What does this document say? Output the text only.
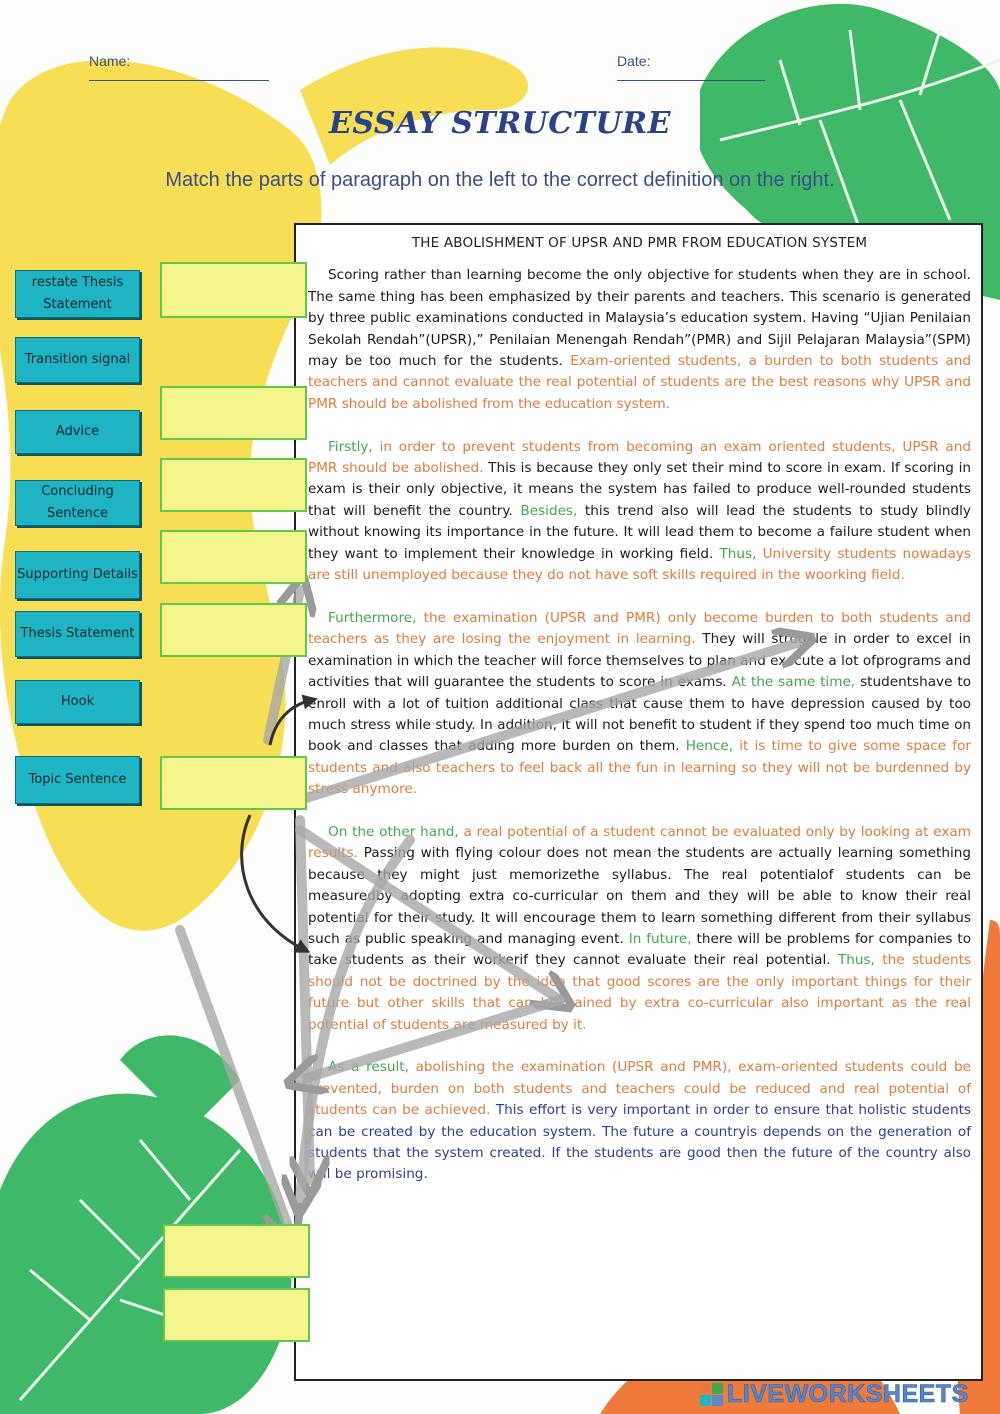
Name:	Date:
ESSAY STRUCTURE
Match the parts of paragraph on the left to the correct definition on the right.
restate Thesis Statement
Transition signal
Advice
Concluding Sentence
Supporting Details
Thesis Statement
Hook
Topic Sentence
THE ABOLISHMENT OF UPSR AND PMR FROM EDUCATION SYSTEM

Scoring rather than learning become the only objective for students when they are in school. The same thing has been emphasized by their parents and teachers. This scenario is generated by three public examinations conducted in Malaysia’s education system. Having “Ujian Penilaian Sekolah Rendah”(UPSR),” Penilaian Menengah Rendah”(PMR) and Sijil Pelajaran Malaysia”(SPM) may be too much for the students. Exam-oriented students, a burden to both students and teachers and cannot evaluate the real potential of students are the best reasons why UPSR and PMR should be abolished from the education system.

Firstly, in order to prevent students from becoming an exam oriented students, UPSR and PMR should be abolished. This is because they only set their mind to score in exam. If scoring in exam is their only objective, it means the system has failed to produce well-rounded students that will benefit the country. Besides, this trend also will lead the students to study blindly without knowing its importance in the future. It will lead them to become a failure student when they want to implement their knowledge in working field. Thus, University students nowadays are still unemployed because they do not have soft skills required in the woorking field.

Furthermore, the examination (UPSR and PMR) only become burden to both students and teachers as they are losing the enjoyment in learning. They will struggle in order to excel in examination in which the teacher will force themselves to plan and execute a lot ofprograms and activities that will guarantee the students to score in exams. At the same time, studentshave to enroll with a lot of tuition additional class that cause them to have depression caused by too much stress while study. In addition, it will not benefit to student if they spend too much time on book and classes that adding more burden on them. Hence, it is time to give some space for students and also teachers to feel back all the fun in learning so they will not be burdenned by stress anymore.

On the other hand, a real potential of a student cannot be evaluated only by looking at exam results. Passing with flying colour does not mean the students are actually learning something because they might just memorizethe syllabus. The real potentialof students can be measuredby adopting extra co-curricular on them and they will be able to know their real potential for their study. It will encourage them to learn something different from their syllabus such as public speaking and managing event. In future, there will be problems for companies to take students as their workerif they cannot evaluate their real potential. Thus, the students should not be doctrined by the idea that good scores are the only important things for their future but other skills that can be gained by extra co-curricular also important as the real potential of students are measured by it.

As a result, abolishing the examination (UPSR and PMR), exam-oriented students could be prevented, burden on both students and teachers could be reduced and real potential of students can be achieved. This effort is very important in order to ensure that holistic students can be created by the education system. The future a countryis depends on the generation of students that the system created. If the students are good then the future of the country also will be promising.

LIVEWORKSHEETS
